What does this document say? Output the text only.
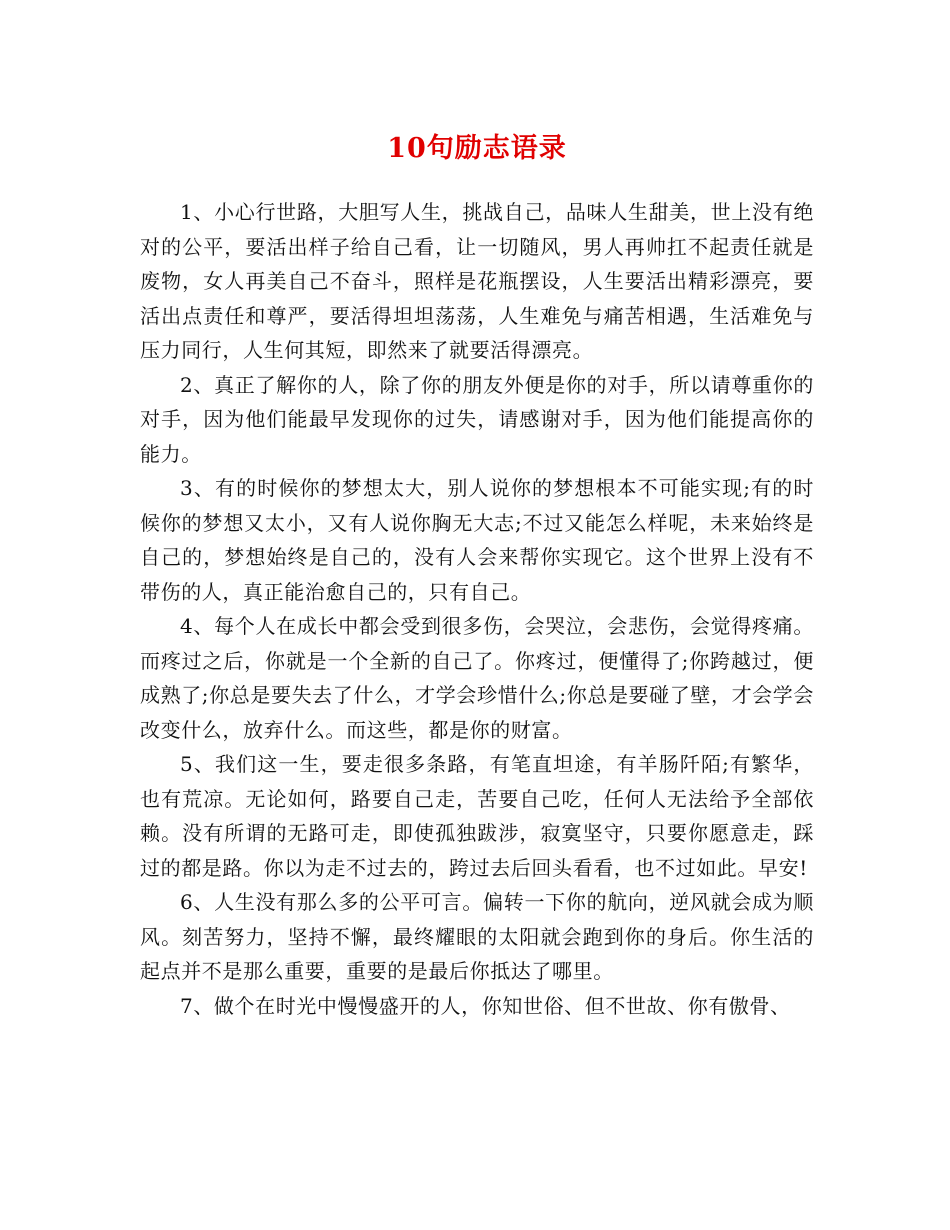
10句励志语录

1、小心行世路，大胆写人生，挑战自己，品味人生甜美，世上没有绝对的公平，要活出样子给自己看，让一切随风，男人再帅扛不起责任就是废物，女人再美自己不奋斗，照样是花瓶摆设，人生要活出精彩漂亮，要活出点责任和尊严，要活得坦坦荡荡，人生难免与痛苦相遇，生活难免与压力同行，人生何其短，即然来了就要活得漂亮。

2、真正了解你的人，除了你的朋友外便是你的对手，所以请尊重你的对手，因为他们能最早发现你的过失，请感谢对手，因为他们能提高你的能力。

3、有的时候你的梦想太大，别人说你的梦想根本不可能实现;有的时候你的梦想又太小，又有人说你胸无大志;不过又能怎么样呢，未来始终是自己的，梦想始终是自己的，没有人会来帮你实现它。这个世界上没有不带伤的人，真正能治愈自己的，只有自己。

4、每个人在成长中都会受到很多伤，会哭泣，会悲伤，会觉得疼痛。而疼过之后，你就是一个全新的自己了。你疼过，便懂得了;你跨越过，便成熟了;你总是要失去了什么，才学会珍惜什么;你总是要碰了壁，才会学会改变什么，放弃什么。而这些，都是你的财富。

5、我们这一生，要走很多条路，有笔直坦途，有羊肠阡陌;有繁华，也有荒凉。无论如何，路要自己走，苦要自己吃，任何人无法给予全部依赖。没有所谓的无路可走，即使孤独跋涉，寂寞坚守，只要你愿意走，踩过的都是路。你以为走不过去的，跨过去后回头看看，也不过如此。早安!

6、人生没有那么多的公平可言。偏转一下你的航向，逆风就会成为顺风。刻苦努力，坚持不懈，最终耀眼的太阳就会跑到你的身后。你生活的起点并不是那么重要，重要的是最后你抵达了哪里。

7、做个在时光中慢慢盛开的人，你知世俗、但不世故、你有傲骨、
